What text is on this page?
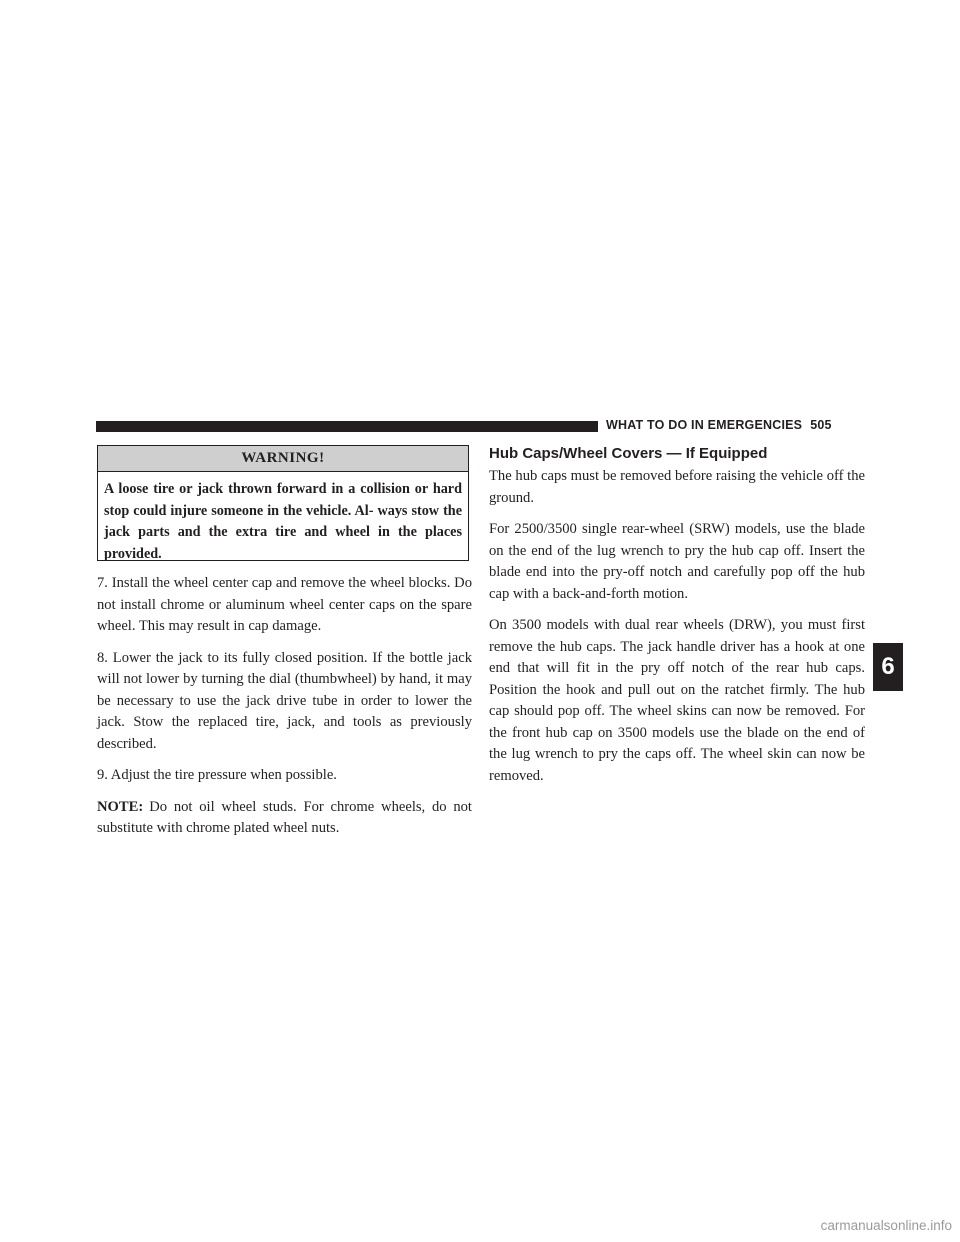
WHAT TO DO IN EMERGENCIES 505
WARNING!
A loose tire or jack thrown forward in a collision or hard stop could injure someone in the vehicle. Al- ways stow the jack parts and the extra tire and wheel in the places provided.

7. Install the wheel center cap and remove the wheel blocks. Do not install chrome or aluminum wheel center caps on the spare wheel. This may result in cap damage.

8. Lower the jack to its fully closed position. If the bottle jack will not lower by turning the dial (thumbwheel) by hand, it may be necessary to use the jack drive tube in order to lower the jack. Stow the replaced tire, jack, and tools as previously described.

9. Adjust the tire pressure when possible.

NOTE: Do not oil wheel studs. For chrome wheels, do not substitute with chrome plated wheel nuts.

Hub Caps/Wheel Covers — If Equipped

The hub caps must be removed before raising the vehicle off the ground.

For 2500/3500 single rear-wheel (SRW) models, use the blade on the end of the lug wrench to pry the hub cap off. Insert the blade end into the pry-off notch and carefully pop off the hub cap with a back-and-forth motion.

On 3500 models with dual rear wheels (DRW), you must first remove the hub caps. The jack handle driver has a hook at one end that will fit in the pry off notch of the rear hub caps. Position the hook and pull out on the ratchet firmly. The hub cap should pop off. The wheel skins can now be removed. For the front hub cap on 3500 models use the blade on the end of the lug wrench to pry the caps off. The wheel skin can now be removed.

6
carmanualsonline.info
